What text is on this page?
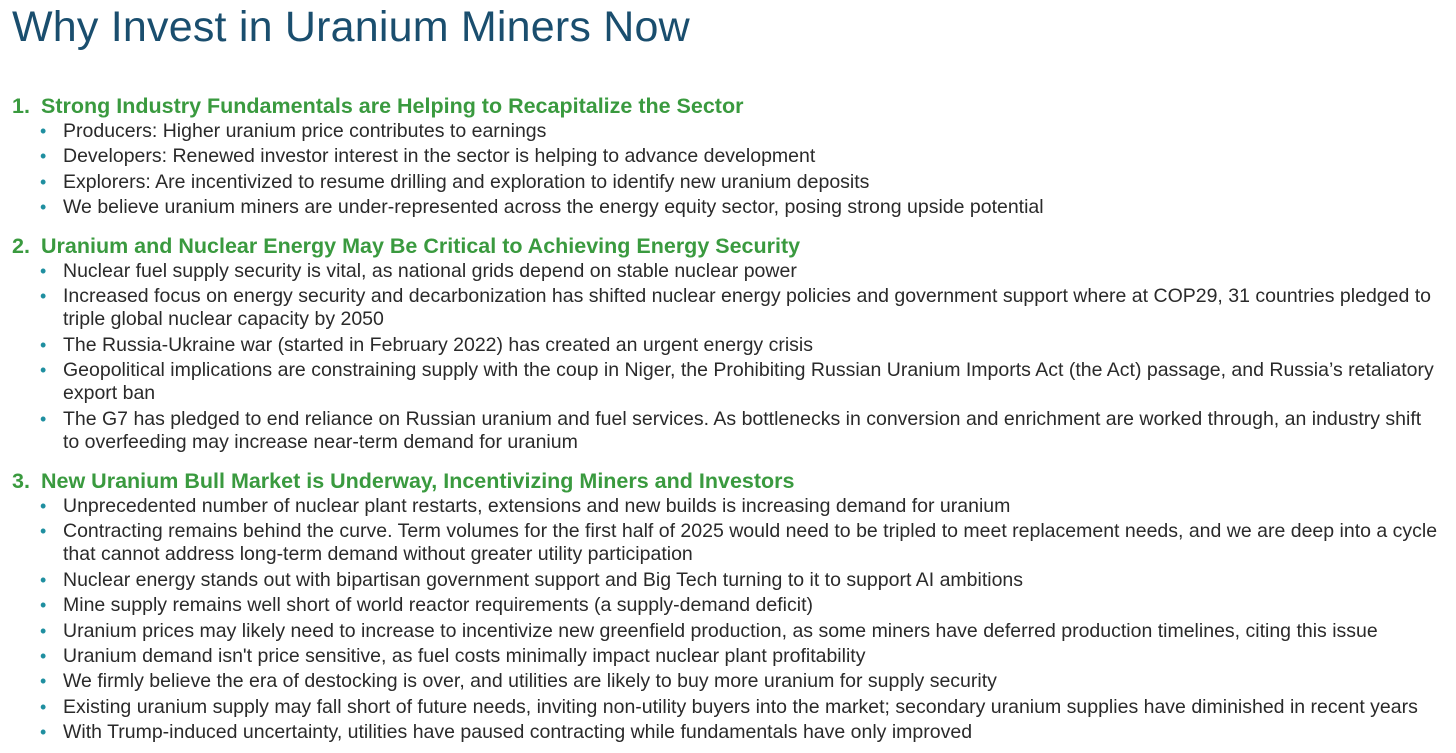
Why Invest in Uranium Miners Now
1. Strong Industry Fundamentals are Helping to Recapitalize the Sector
• Producers: Higher uranium price contributes to earnings
• Developers: Renewed investor interest in the sector is helping to advance development
• Explorers: Are incentivized to resume drilling and exploration to identify new uranium deposits
• We believe uranium miners are under-represented across the energy equity sector, posing strong upside potential
2. Uranium and Nuclear Energy May Be Critical to Achieving Energy Security
• Nuclear fuel supply security is vital, as national grids depend on stable nuclear power
• Increased focus on energy security and decarbonization has shifted nuclear energy policies and government support where at COP29, 31 countries pledged to triple global nuclear capacity by 2050
• The Russia-Ukraine war (started in February 2022) has created an urgent energy crisis
• Geopolitical implications are constraining supply with the coup in Niger, the Prohibiting Russian Uranium Imports Act (the Act) passage, and Russia’s retaliatory export ban
• The G7 has pledged to end reliance on Russian uranium and fuel services. As bottlenecks in conversion and enrichment are worked through, an industry shift to overfeeding may increase near-term demand for uranium
3. New Uranium Bull Market is Underway, Incentivizing Miners and Investors
• Unprecedented number of nuclear plant restarts, extensions and new builds is increasing demand for uranium
• Contracting remains behind the curve. Term volumes for the first half of 2025 would need to be tripled to meet replacement needs, and we are deep into a cycle that cannot address long-term demand without greater utility participation
• Nuclear energy stands out with bipartisan government support and Big Tech turning to it to support AI ambitions
• Mine supply remains well short of world reactor requirements (a supply-demand deficit)
• Uranium prices may likely need to increase to incentivize new greenfield production, as some miners have deferred production timelines, citing this issue
• Uranium demand isn't price sensitive, as fuel costs minimally impact nuclear plant profitability
• We firmly believe the era of destocking is over, and utilities are likely to buy more uranium for supply security
• Existing uranium supply may fall short of future needs, inviting non-utility buyers into the market; secondary uranium supplies have diminished in recent years
• With Trump-induced uncertainty, utilities have paused contracting while fundamentals have only improved
